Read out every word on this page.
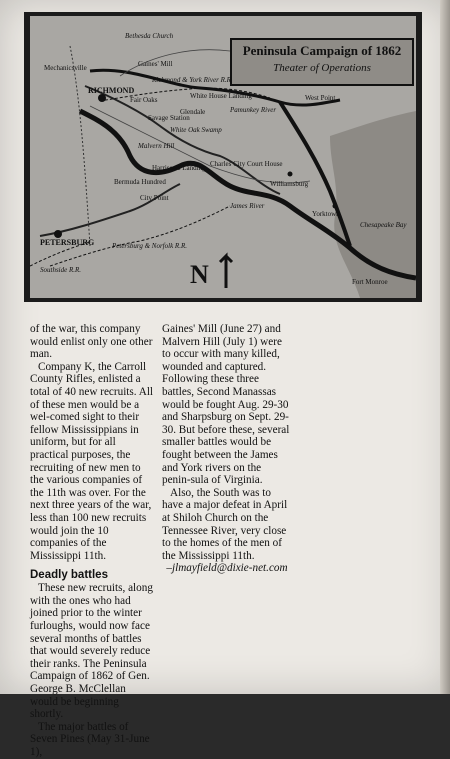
Peninsula Campaign of 1862
Theater of Operations
Bethesda Church
Mechanicsville	Gaines' Mill
RICHMOND
Fair Oaks
Savage Station
White Oak Swamp
Malvern Hill
Glendale
Harrison's Landing
Bermuda Hundred
City Point
Charles City Court House
Williamsburg
Yorktown
West Point
Pamunkey River
Chesapeake Bay
PETERSBURG
Southside R.R.
Petersburg & Norfolk R.R.
James River
Richmond & York River R.R.
White House Landing
Fort Monroe
N

of the war, this company would enlist only one other man.

Company K, the Carroll County Rifles, enlisted a total of 40 new recruits. All of these men would be a wel-comed sight to their fellow Mississippians in uniform, but for all practical purposes, the recruiting of new men to the various companies of the 11th was over. For the next three years of the war, less than 100 new recruits would join the 10 companies of the Mississippi 11th.

Deadly battles

These new recruits, along with the ones who had joined prior to the winter furloughs, would now face several months of battles that would severely reduce their ranks. The Peninsula Campaign of 1862 of Gen. George B. McClellan would be beginning shortly.

The major battles of Seven Pines (May 31-June 1),

Gaines' Mill (June 27) and Malvern Hill (July 1) were to occur with many killed, wounded and captured. Following these three battles, Second Manassas would be fought Aug. 29-30 and Sharpsburg on Sept. 29-30. But before these, several smaller battles would be fought between the James and York rivers on the penin-sula of Virginia.

Also, the South was to have a major defeat in April at Shiloh Church on the Tennessee River, very close to the homes of the men of the Mississippi 11th.

–jlmayfield@dixie-net.com
